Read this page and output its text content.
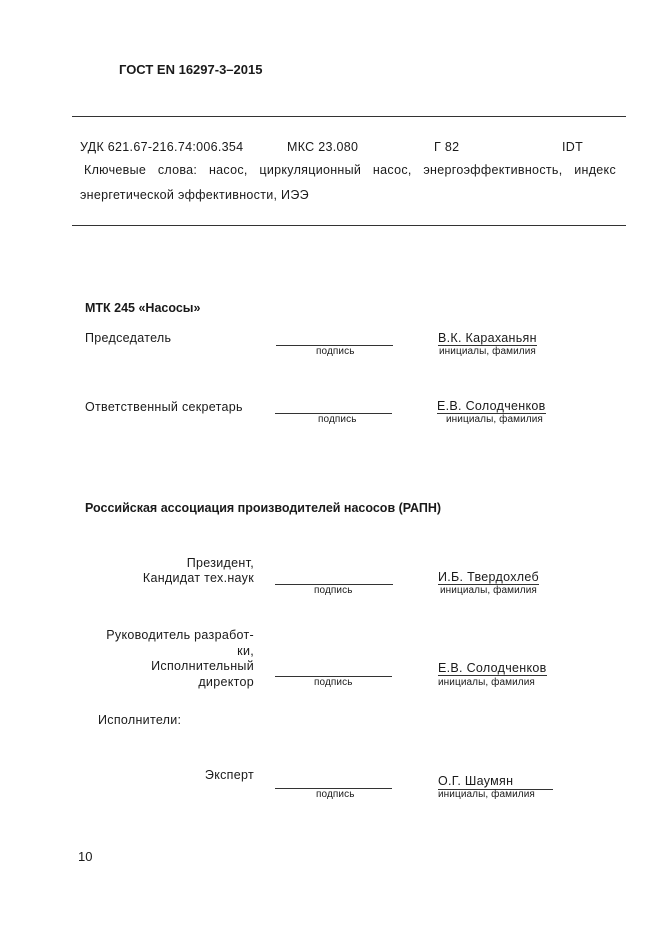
ГОСТ EN 16297-3–2015
УДК 621.67-216.74:006.354	МКС 23.080	Г 82	IDT
Ключевые слова: насос, циркуляционный насос, энергоэффективность, индекс энергетической эффективности, ИЭЭ
МТК 245 «Насосы»
Председатель
подпись
В.К. Караханьян
инициалы, фамилия
Ответственный секретарь
подпись
Е.В. Солодченков
инициалы, фамилия
Российская ассоциация производителей насосов (РАПН)
Президент,
Кандидат тех.наук
подпись
И.Б. Твердохлеб
инициалы, фамилия
Руководитель разработ-
ки,
Исполнительный
директор	подпись
Е.В. Солодченков
инициалы, фамилия
Исполнители:
Эксперт
подпись
О.Г. Шаумян
инициалы, фамилия
10
